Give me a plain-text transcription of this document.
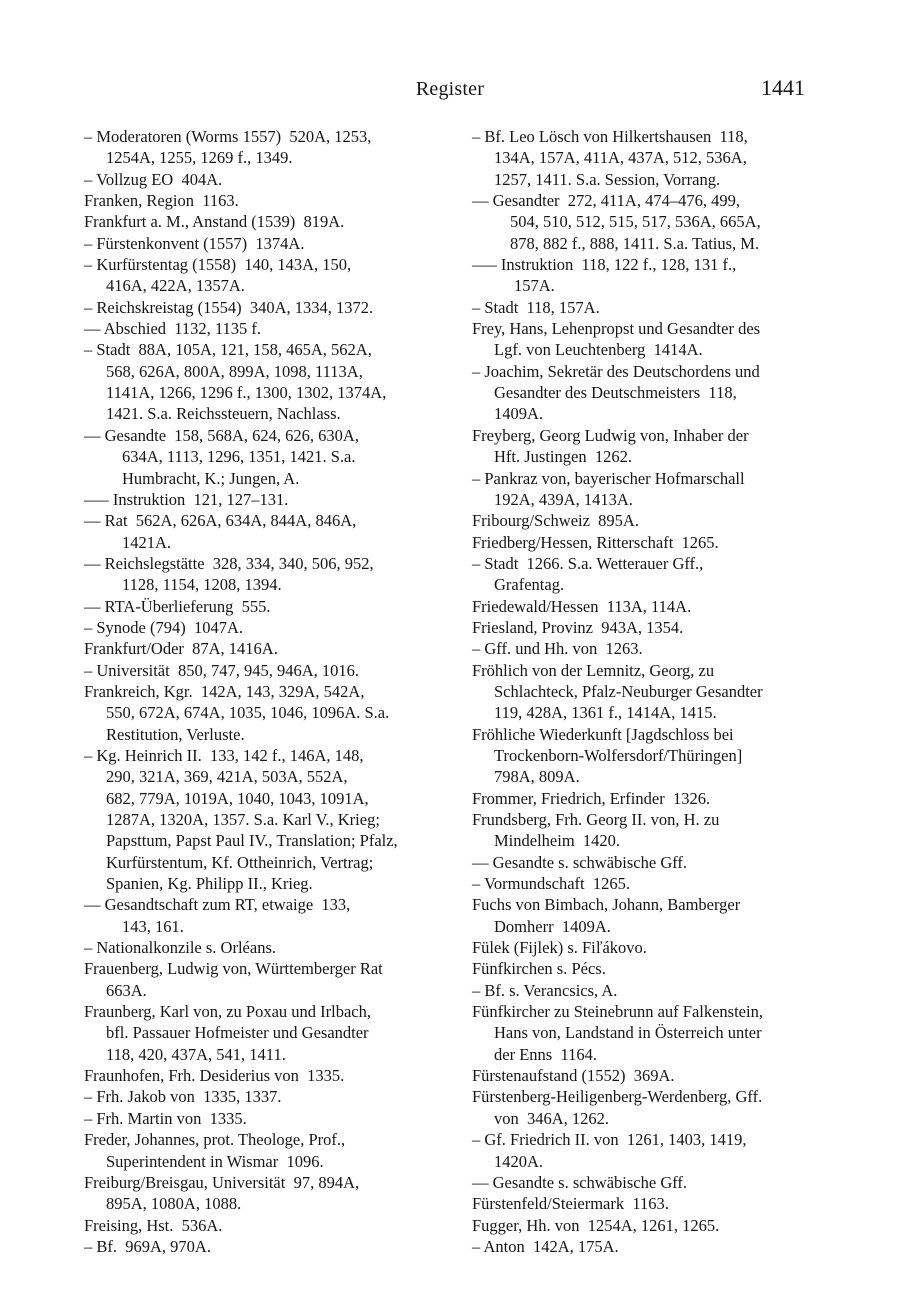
Register	1441
– Moderatoren (Worms 1557)  520A, 1253,
1254A, 1255, 1269 f., 1349.
– Vollzug EO  404A.
Franken, Region  1163.
Frankfurt a. M., Anstand (1539)  819A.
– Fürstenkonvent (1557)  1374A.
– Kurfürstentag (1558)  140, 143A, 150,
416A, 422A, 1357A.
– Reichskreistag (1554)  340A, 1334, 1372.
–– Abschied  1132, 1135 f.
– Stadt  88A, 105A, 121, 158, 465A, 562A,
568, 626A, 800A, 899A, 1098, 1113A,
1141A, 1266, 1296 f., 1300, 1302, 1374A,
1421. S.a. Reichssteuern, Nachlass.
–– Gesandte  158, 568A, 624, 626, 630A,
634A, 1113, 1296, 1351, 1421. S.a.
Humbracht, K.; Jungen, A.
––– Instruktion  121, 127–131.
–– Rat  562A, 626A, 634A, 844A, 846A,
1421A.
–– Reichslegstätte  328, 334, 340, 506, 952,
1128, 1154, 1208, 1394.
–– RTA-Überlieferung  555.
– Synode (794)  1047A.
Frankfurt/Oder  87A, 1416A.
– Universität  850, 747, 945, 946A, 1016.
Frankreich, Kgr.  142A, 143, 329A, 542A,
550, 672A, 674A, 1035, 1046, 1096A. S.a.
Restitution, Verluste.
– Kg. Heinrich II.  133, 142 f., 146A, 148,
290, 321A, 369, 421A, 503A, 552A,
682, 779A, 1019A, 1040, 1043, 1091A,
1287A, 1320A, 1357. S.a. Karl V., Krieg;
Papsttum, Papst Paul IV., Translation; Pfalz,
Kurfürstentum, Kf. Ottheinrich, Vertrag;
Spanien, Kg. Philipp II., Krieg.
–– Gesandtschaft zum RT, etwaige  133,
143, 161.
– Nationalkonzile s. Orléans.
Frauenberg, Ludwig von, Württemberger Rat
663A.
Fraunberg, Karl von, zu Poxau und Irlbach,
bfl. Passauer Hofmeister und Gesandter
118, 420, 437A, 541, 1411.
Fraunhofen, Frh. Desiderius von  1335.
– Frh. Jakob von  1335, 1337.
– Frh. Martin von  1335.
Freder, Johannes, prot. Theologe, Prof.,
Superintendent in Wismar  1096.
Freiburg/Breisgau, Universität  97, 894A,
895A, 1080A, 1088.
Freising, Hst.  536A.
– Bf.  969A, 970A.
– Bf. Leo Lösch von Hilkertshausen  118,
134A, 157A, 411A, 437A, 512, 536A,
1257, 1411. S.a. Session, Vorrang.
–– Gesandter  272, 411A, 474–476, 499,
504, 510, 512, 515, 517, 536A, 665A,
878, 882 f., 888, 1411. S.a. Tatius, M.
––– Instruktion  118, 122 f., 128, 131 f.,
157A.
– Stadt  118, 157A.
Frey, Hans, Lehenpropst und Gesandter des
Lgf. von Leuchtenberg  1414A.
– Joachim, Sekretär des Deutschordens und
Gesandter des Deutschmeisters  118,
1409A.
Freyberg, Georg Ludwig von, Inhaber der
Hft. Justingen  1262.
– Pankraz von, bayerischer Hofmarschall
192A, 439A, 1413A.
Fribourg/Schweiz  895A.
Friedberg/Hessen, Ritterschaft  1265.
– Stadt  1266. S.a. Wetterauer Gff.,
Grafentag.
Friedewald/Hessen  113A, 114A.
Friesland, Provinz  943A, 1354.
– Gff. und Hh. von  1263.
Fröhlich von der Lemnitz, Georg, zu
Schlachteck, Pfalz-Neuburger Gesandter
119, 428A, 1361 f., 1414A, 1415.
Fröhliche Wiederkunft [Jagdschloss bei
Trockenborn-Wolfersdorf/Thüringen]
798A, 809A.
Frommer, Friedrich, Erfinder  1326.
Frundsberg, Frh. Georg II. von, H. zu
Mindelheim  1420.
–– Gesandte s. schwäbische Gff.
– Vormundschaft  1265.
Fuchs von Bimbach, Johann, Bamberger
Domherr  1409A.
Fülek (Fijlek) s. Fiľákovo.
Fünfkirchen s. Pécs.
– Bf. s. Verancsics, A.
Fünfkircher zu Steinebrunn auf Falkenstein,
Hans von, Landstand in Österreich unter
der Enns  1164.
Fürstenaufstand (1552)  369A.
Fürstenberg-Heiligenberg-Werdenberg, Gff.
von  346A, 1262.
– Gf. Friedrich II. von  1261, 1403, 1419,
1420A.
–– Gesandte s. schwäbische Gff.
Fürstenfeld/Steiermark  1163.
Fugger, Hh. von  1254A, 1261, 1265.
– Anton  142A, 175A.
